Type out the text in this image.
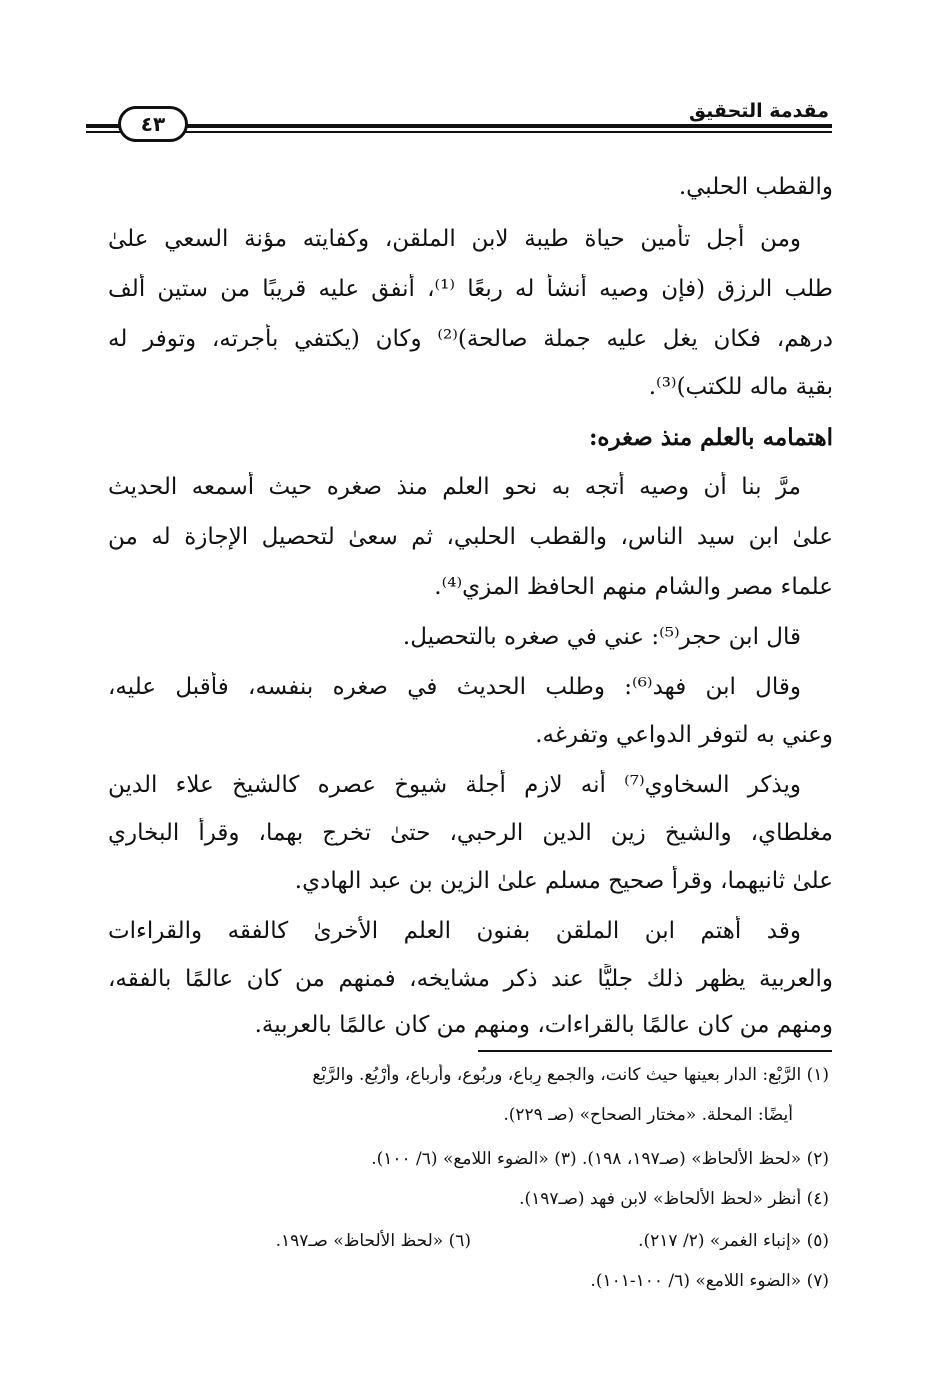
مقدمة التحقيق
٤٣
والقطب الحلبي.
ومن أجل تأمين حياة طيبة لابن الملقن، وكفايته مؤنة السعي علىٰ
طلب الرزق (فإن وصيه أنشأ له ربعًا ⁽¹⁾، أنفق عليه قريبًا من ستين ألف
درهم، فكان يغل عليه جملة صالحة)⁽²⁾ وكان (يكتفي بأجرته، وتوفر له
بقية ماله للكتب)⁽³⁾.
اهتمامه بالعلم منذ صغره:
مرَّ بنا أن وصيه أتجه به نحو العلم منذ صغره حيث أسمعه الحديث
علىٰ ابن سيد الناس، والقطب الحلبي، ثم سعىٰ لتحصيل الإجازة له من
علماء مصر والشام منهم الحافظ المزي⁽⁴⁾.
قال ابن حجر⁽⁵⁾: عني في صغره بالتحصيل.
وقال ابن فهد⁽⁶⁾: وطلب الحديث في صغره بنفسه، فأقبل عليه،
وعني به لتوفر الدواعي وتفرغه.
ويذكر السخاوي⁽⁷⁾ أنه لازم أجلة شيوخ عصره كالشيخ علاء الدين
مغلطاي، والشيخ زين الدين الرحبي، حتىٰ تخرج بهما، وقرأ البخاري
علىٰ ثانيهما، وقرأ صحيح مسلم علىٰ الزين بن عبد الهادي.
وقد أهتم ابن الملقن بفنون العلم الأخرىٰ كالفقه والقراءات
والعربية يظهر ذلك جليًّا عند ذكر مشايخه، فمنهم من كان عالمًا بالفقه،
ومنهم من كان عالمًا بالقراءات، ومنهم من كان عالمًا بالعربية.
(١) الرَّبْع: الدار بعينها حيث كانت، والجمع رِباع، وربُوع، وأَرباع، وأَرْبُع. والرَّبْع
أيضًا: المحلة. «مختار الصحاح» (صـ ٢٢٩).
(٢) «لحظ الألحاظ» (صـ١٩٧، ١٩٨). (٣) «الضوء اللامع» (٦/ ١٠٠).
(٤) أنظر «لحظ الألحاظ» لابن فهد (صـ١٩٧).
(٥) «إنباء الغمر» (٢/ ٢١٧).
(٦) «لحظ الألحاظ» صـ١٩٧.
(٧) «الضوء اللامع» (٦/ ١٠٠-١٠١).
